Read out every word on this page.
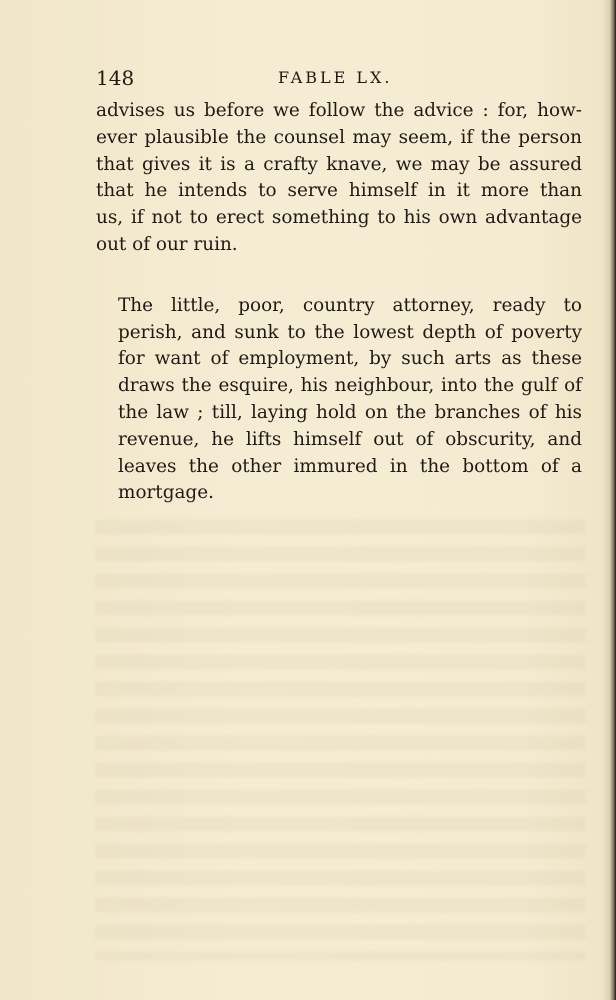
148	FABLE LX.

advises us before we follow the advice : for, how-
ever plausible the counsel may seem, if the person
that gives it is a crafty knave, we may be assured
that he intends to serve himself in it more than
us, if not to erect something to his own advantage
out of our ruin.

The little, poor, country attorney, ready to
perish, and sunk to the lowest depth of poverty
for want of employment, by such arts as these
draws the esquire, his neighbour, into the gulf of
the law ; till, laying hold on the branches of his
revenue, he lifts himself out of obscurity, and
leaves the other immured in the bottom of a
mortgage.
